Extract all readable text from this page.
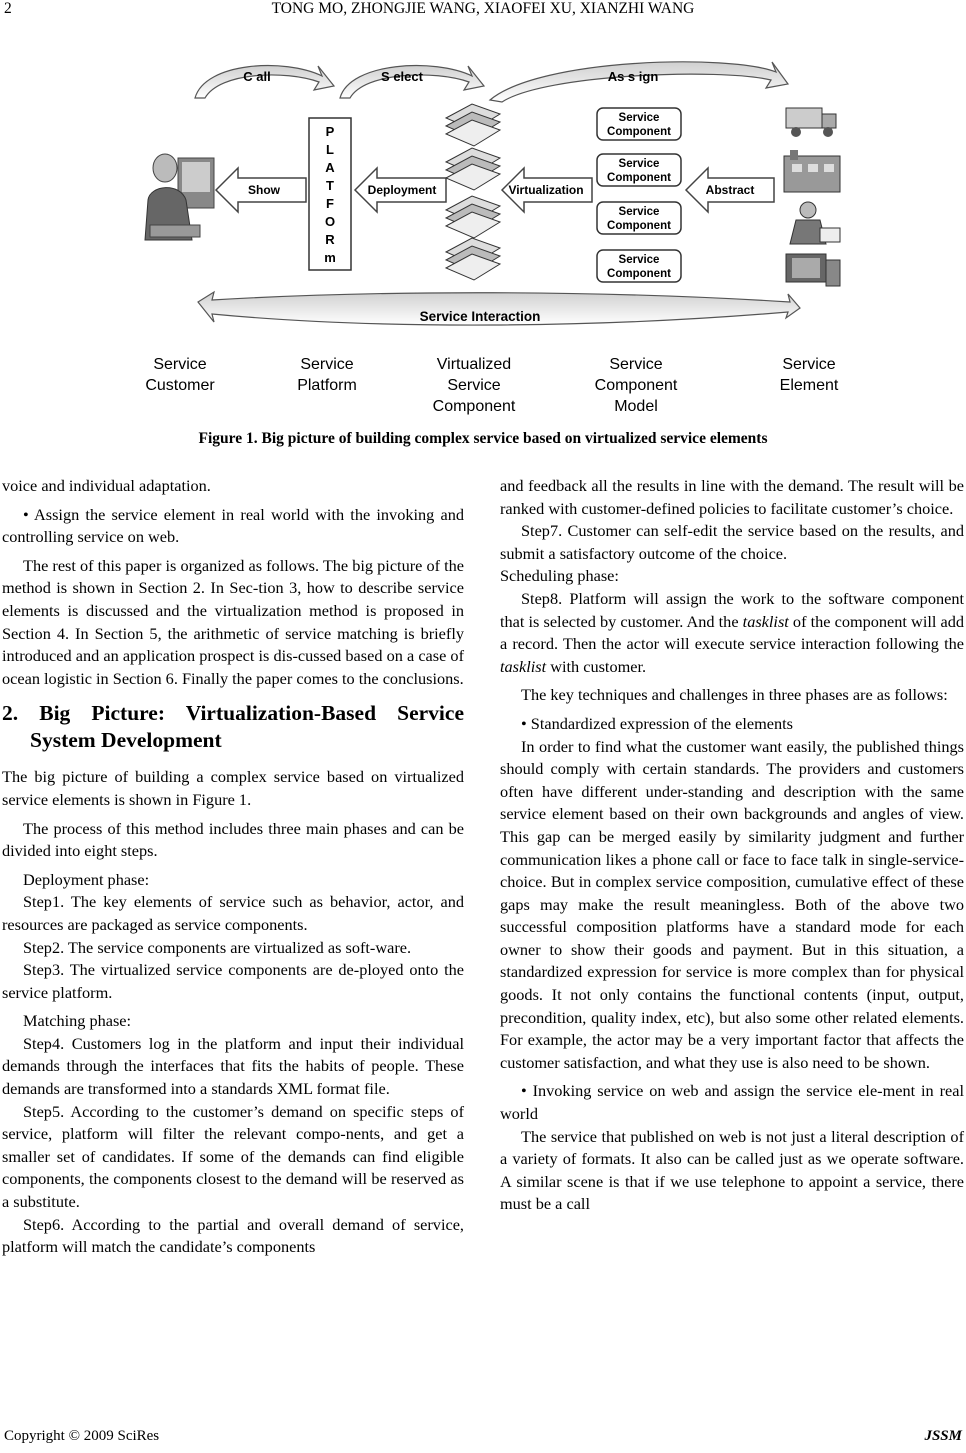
2	TONG MO, ZHONGJIE WANG, XIAOFEI XU, XIANZHI WANG
C all	S elect	As s ign
Show
P
L
A
T
F
O
R
m
Deployment	Virtualization
Service
Component
Service
Component
Service
Component
Service
Component
Abstract
Service Interaction
Service
Customer
Service
Platform
Virtualized
Service
Component
Service
Component
Model
Service
Element
Figure 1. Big picture of building complex service based on virtualized service elements

voice and individual adaptation.

• Assign the service element in real world with the invoking and controlling service on web.

The rest of this paper is organized as follows. The big picture of the method is shown in Section 2. In Sec-tion 3, how to describe service elements is discussed and the virtualization method is proposed in Section 4. In Section 5, the arithmetic of service matching is briefly introduced and an application prospect is dis-cussed based on a case of ocean logistic in Section 6. Finally the paper comes to the conclusions.

2. Big Picture: Virtualization-Based Service System Development

The big picture of building a complex service based on virtualized service elements is shown in Figure 1.

The process of this method includes three main phases and can be divided into eight steps.

Deployment phase:

Step1. The key elements of service such as behavior, actor, and resources are packaged as service components.

Step2. The service components are virtualized as soft-ware.

Step3. The virtualized service components are de-ployed onto the service platform.

Matching phase:

Step4. Customers log in the platform and input their individual demands through the interfaces that fits the habits of people. These demands are transformed into a standards XML format file.

Step5. According to the customer’s demand on specific steps of service, platform will filter the relevant compo-nents, and get a smaller set of candidates. If some of the demands can find eligible components, the components closest to the demand will be reserved as a substitute.

Step6. According to the partial and overall demand of service, platform will match the candidate’s components

and feedback all the results in line with the demand. The result will be ranked with customer-defined policies to facilitate customer’s choice.

Step7. Customer can self-edit the service based on the results, and submit a satisfactory outcome of the choice.

Scheduling phase:

Step8. Platform will assign the work to the software component that is selected by customer. And the tasklist of the component will add a record. Then the actor will execute service interaction following the tasklist with customer.

The key techniques and challenges in three phases are as follows:

• Standardized expression of the elements

In order to find what the customer want easily, the published things should comply with certain standards. The providers and customers often have different under-standing and description with the same service element based on their own backgrounds and angles of view. This gap can be merged easily by similarity judgment and further communication likes a phone call or face to face talk in single-service-choice. But in complex service composition, cumulative effect of these gaps may make the result meaningless. Both of the above two successful composition platforms have a standard mode for each owner to show their goods and payment. But in this situation, a standardized expression for service is more complex than for physical goods. It not only contains the functional contents (input, output, precondition, quality index, etc), but also some other related elements. For example, the actor may be a very important factor that affects the customer satisfaction, and what they use is also need to be shown.

• Invoking service on web and assign the service ele-ment in real world

The service that published on web is not just a literal description of a variety of formats. It also can be called just as we operate software. A similar scene is that if we use telephone to appoint a service, there must be a call

Copyright © 2009 SciRes	JSSM
